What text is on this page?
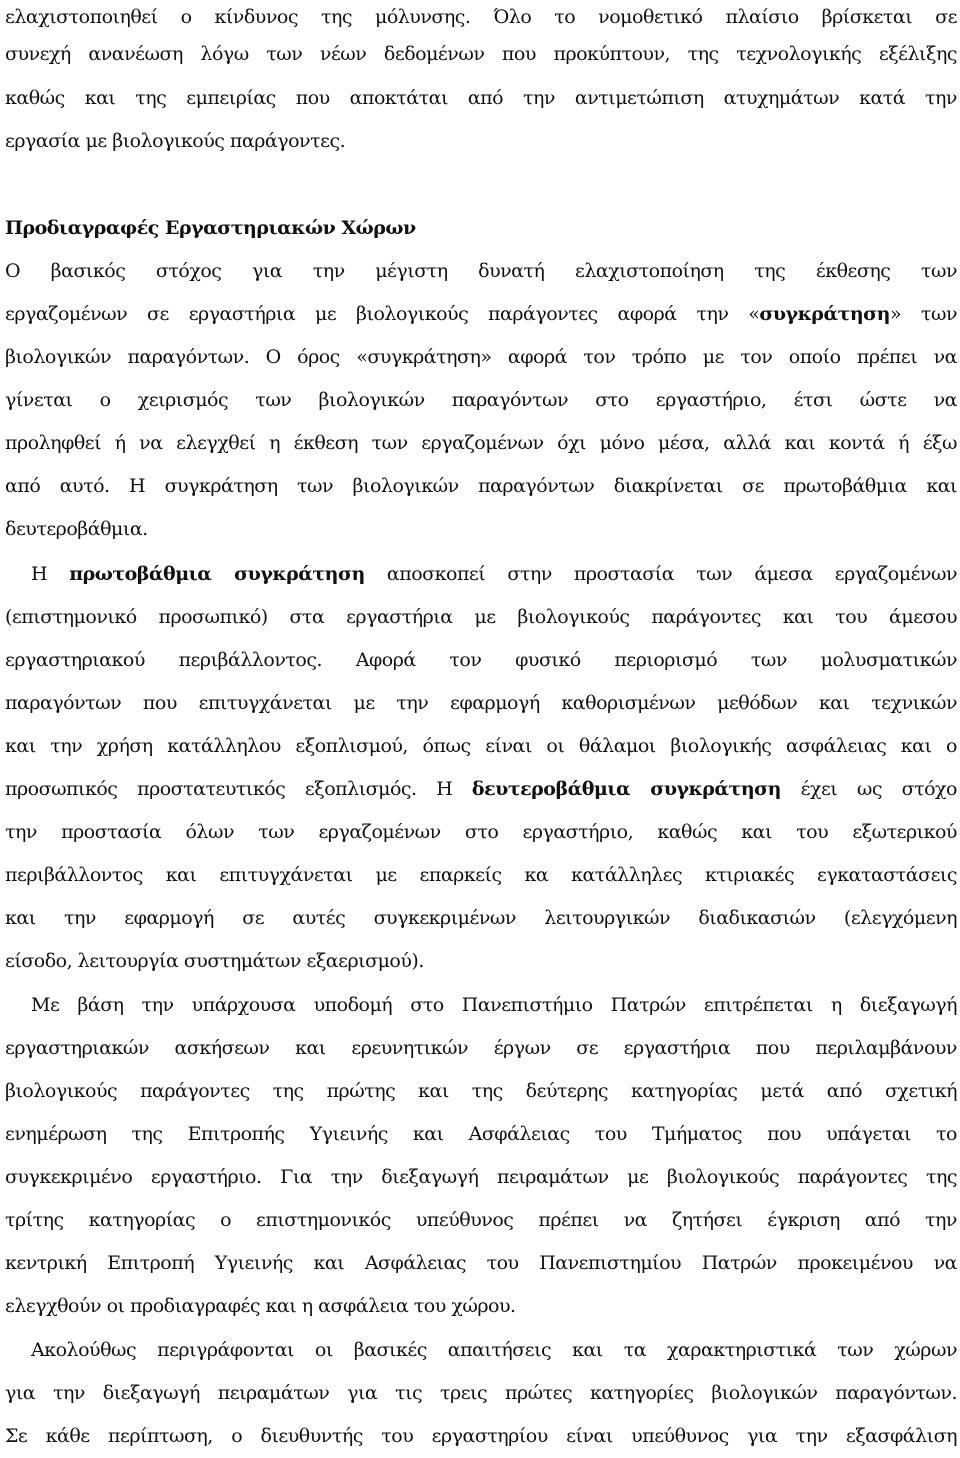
ελαχιστοποιηθεί ο κίνδυνος της μόλυνσης. Όλο το νομοθετικό πλαίσιο βρίσκεται σε
συνεχή ανανέωση λόγω των νέων δεδομένων που προκύπτουν, της τεχνολογικής εξέλιξης
καθώς και της εμπειρίας που αποκτάται από την αντιμετώπιση ατυχημάτων κατά την
εργασία με βιολογικούς παράγοντες.
Προδιαγραφές Εργαστηριακών Χώρων
Ο βασικός στόχος για την μέγιστη δυνατή ελαχιστοποίηση της έκθεσης των
εργαζομένων σε εργαστήρια με βιολογικούς παράγοντες αφορά την «συγκράτηση» των
βιολογικών παραγόντων. Ο όρος «συγκράτηση» αφορά τον τρόπο με τον οποίο πρέπει να
γίνεται ο χειρισμός των βιολογικών παραγόντων στο εργαστήριο, έτσι ώστε να
προληφθεί ή να ελεγχθεί η έκθεση των εργαζομένων όχι μόνο μέσα, αλλά και κοντά ή έξω
από αυτό. Η συγκράτηση των βιολογικών παραγόντων διακρίνεται σε πρωτοβάθμια και
δευτεροβάθμια.
Η πρωτοβάθμια συγκράτηση αποσκοπεί στην προστασία των άμεσα εργαζομένων
(επιστημονικό προσωπικό) στα εργαστήρια με βιολογικούς παράγοντες και του άμεσου
εργαστηριακού περιβάλλοντος. Αφορά τον φυσικό περιορισμό των μολυσματικών
παραγόντων που επιτυγχάνεται με την εφαρμογή καθορισμένων μεθόδων και τεχνικών
και την χρήση κατάλληλου εξοπλισμού, όπως είναι οι θάλαμοι βιολογικής ασφάλειας και ο
προσωπικός προστατευτικός εξοπλισμός. Η δευτεροβάθμια συγκράτηση έχει ως στόχο
την προστασία όλων των εργαζομένων στο εργαστήριο, καθώς και του εξωτερικού
περιβάλλοντος και επιτυγχάνεται με επαρκείς κα κατάλληλες κτιριακές εγκαταστάσεις
και την εφαρμογή σε αυτές συγκεκριμένων λειτουργικών διαδικασιών (ελεγχόμενη
είσοδο, λειτουργία συστημάτων εξαερισμού).
Με βάση την υπάρχουσα υποδομή στο Πανεπιστήμιο Πατρών επιτρέπεται η διεξαγωγή
εργαστηριακών ασκήσεων και ερευνητικών έργων σε εργαστήρια που περιλαμβάνουν
βιολογικούς παράγοντες της πρώτης και της δεύτερης κατηγορίας μετά από σχετική
ενημέρωση της Επιτροπής Υγιεινής και Ασφάλειας του Τμήματος που υπάγεται το
συγκεκριμένο εργαστήριο. Για την διεξαγωγή πειραμάτων με βιολογικούς παράγοντες της
τρίτης κατηγορίας ο επιστημονικός υπεύθυνος πρέπει να ζητήσει έγκριση από την
κεντρική Επιτροπή Υγιεινής και Ασφάλειας του Πανεπιστημίου Πατρών προκειμένου να
ελεγχθούν οι προδιαγραφές και η ασφάλεια του χώρου.
Ακολούθως περιγράφονται οι βασικές απαιτήσεις και τα χαρακτηριστικά των χώρων
για την διεξαγωγή πειραμάτων για τις τρεις πρώτες κατηγορίες βιολογικών παραγόντων.
Σε κάθε περίπτωση, ο διευθυντής του εργαστηρίου είναι υπεύθυνος για την εξασφάλιση
